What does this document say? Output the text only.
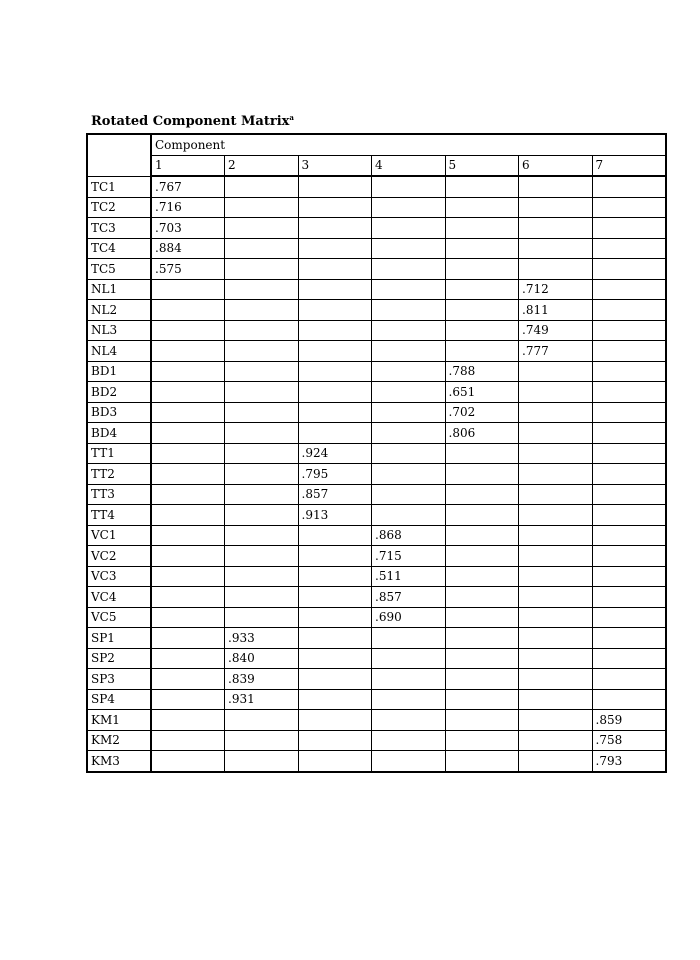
Rotated Component Matrix$^a$
	Component						
	1	2	3	4	5	6	7
TC1	.767						
TC2	.716						
TC3	.703						
TC4	.884						
TC5	.575						
NL1						.712	
NL2						.811	
NL3						.749	
NL4						.777	
BD1					.788		
BD2					.651		
BD3					.702		
BD4					.806		
TT1			.924				
TT2			.795				
TT3			.857				
TT4			.913				
VC1				.868			
VC2				.715			
VC3				.511			
VC4				.857			
VC5				.690			
SP1		.933					
SP2		.840					
SP3		.839					
SP4		.931					
KM1							.859
KM2							.758
KM3							.793
